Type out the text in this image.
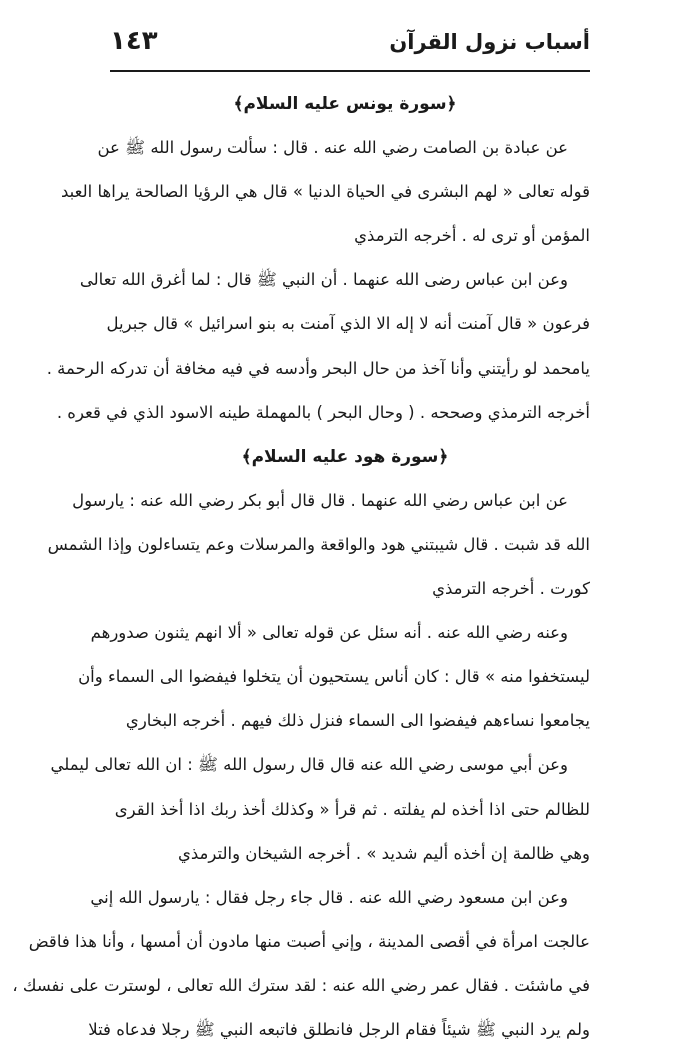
أسباب نزول القرآن
١٤٣
﴿سورة يونس عليه السلام﴾
عن عبادة بن الصامت رضي الله عنه . قال : سألت رسول الله ﷺ عن
قوله تعالى « لهم البشرى في الحياة الدنيا » قال هي الرؤيا الصالحة يراها العبد
المؤمن أو ترى له . أخرجه الترمذي
وعن ابن عباس رضى الله عنهما . أن النبي ﷺ قال : لما أغرق الله تعالى
فرعون « قال آمنت أنه لا إله الا الذي آمنت به بنو اسرائيل » قال جبريل
يامحمد لو رأيتني وأنا آخذ من حال البحر وأدسه في فيه مخافة أن تدركه الرحمة .
أخرجه الترمذي وصححه . ( وحال البحر ) بالمهملة طينه الاسود الذي في قعره .
﴿سورة هود عليه السلام﴾
عن ابن عباس رضي الله عنهما . قال قال أبو بكر رضي الله عنه : يارسول
الله قد شبت . قال شيبتني هود والواقعة والمرسلات وعم يتساءلون وإذا الشمس
كورت . أخرجه الترمذي
وعنه رضي الله عنه . أنه سئل عن قوله تعالى « ألا انهم يثنون صدورهم
ليستخفوا منه » قال : كان أناس يستحيون أن يتخلوا فيفضوا الى السماء وأن
يجامعوا نساءهم فيفضوا الى السماء فنزل ذلك فيهم . أخرجه البخاري
وعن أبي موسى رضي الله عنه قال قال رسول الله ﷺ : ان الله تعالى ليملي
للظالم حتى اذا أخذه لم يفلته . ثم قرأ « وكذلك أخذ ربك اذا أخذ القرى
وهي ظالمة إن أخذه أليم شديد » . أخرجه الشيخان والترمذي
وعن ابن مسعود رضي الله عنه . قال جاء رجل فقال : يارسول الله إني
عالجت امرأة في أقصى المدينة ، وإني أصبت منها مادون أن أمسها ، وأنا هذا فاقض
في ماشئت . فقال عمر رضي الله عنه : لقد سترك الله تعالى ، لوسترت على نفسك ،
ولم يرد النبي ﷺ شيئاً فقام الرجل فانطلق فاتبعه النبي ﷺ رجلا فدعاه فتلا
